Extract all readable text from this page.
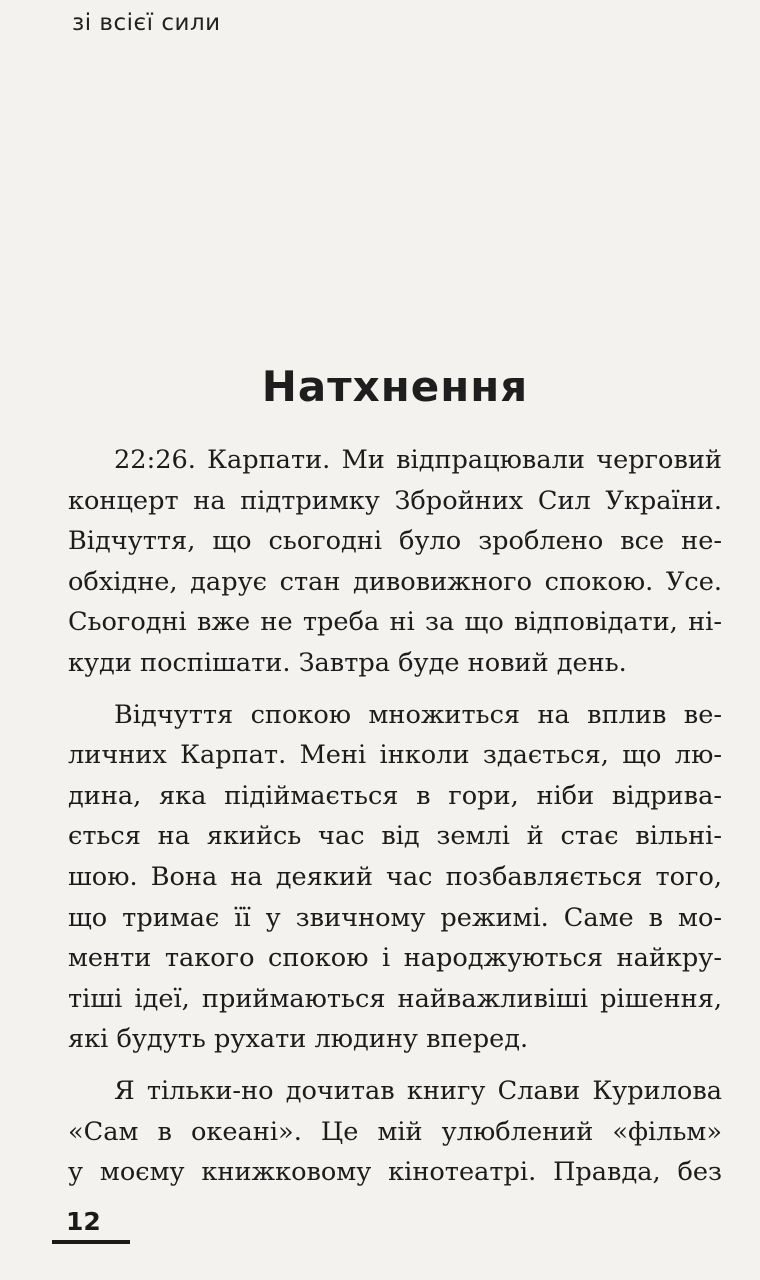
зі всієї сили
Натхнення

22:26. Карпати. Ми відпрацювали черговий
концерт на підтримку Збройних Сил України.
Відчуття, що сьогодні було зроблено все не-
обхідне, дарує стан дивовижного спокою. Усе.
Сьогодні вже не треба ні за що відповідати, ні-
куди поспішати. Завтра буде новий день.

Відчуття спокою множиться на вплив ве-
личних Карпат. Мені інколи здається, що лю-
дина, яка підіймається в гори, ніби відрива-
ється на якийсь час від землі й стає вільні-
шою. Вона на деякий час позбавляється того,
що тримає її у звичному режимі. Саме в мо-
менти такого спокою і народжуються найкру-
тіші ідеї, приймаються найважливіші рішення,
які будуть рухати людину вперед.

Я тільки-но дочитав книгу Слави Курилова
«Сам в океані». Це мій улюблений «фільм»
у моєму книжковому кінотеатрі. Правда, без

12
